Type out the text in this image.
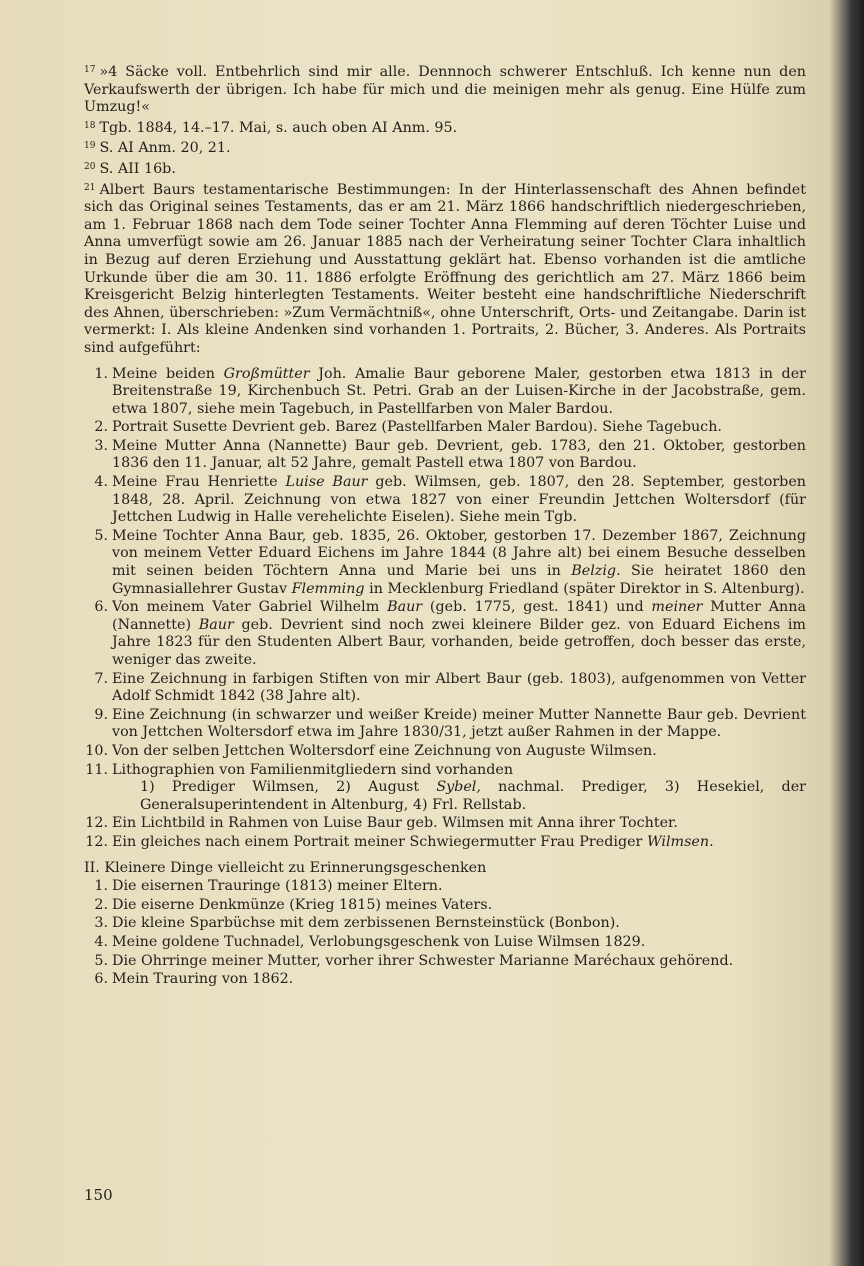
$^{17}$ »4 Säcke voll. Entbehrlich sind mir alle. Dennnoch schwerer Entschluß. Ich kenne nun den Verkaufswerth der übrigen. Ich habe für mich und die meinigen mehr als genug. Eine Hülfe zum Umzug!«

$^{18}$ Tgb. 1884, 14.–17. Mai, s. auch oben AI Anm. 95.

$^{19}$ S. AI Anm. 20, 21.

$^{20}$ S. AII 16b.

$^{21}$ Albert Baurs testamentarische Bestimmungen: In der Hinterlassenschaft des Ahnen befindet sich das Original seines Testaments, das er am 21. März 1866 handschriftlich niedergeschrieben, am 1. Februar 1868 nach dem Tode seiner Tochter Anna Flemming auf deren Töchter Luise und Anna umverfügt sowie am 26. Januar 1885 nach der Verheiratung seiner Tochter Clara inhaltlich in Bezug auf deren Erziehung und Ausstattung geklärt hat. Ebenso vorhanden ist die amtliche Urkunde über die am 30. 11. 1886 erfolgte Eröffnung des gerichtlich am 27. März 1866 beim Kreisgericht Belzig hinterlegten Testaments. Weiter besteht eine handschriftliche Niederschrift des Ahnen, überschrieben: »Zum Vermächtniß«, ohne Unterschrift, Orts- und Zeitangabe. Darin ist vermerkt: I. Als kleine Andenken sind vorhanden 1. Portraits, 2. Bücher, 3. Anderes. Als Portraits sind aufgeführt:

1. Meine beiden Großmütter Joh. Amalie Baur geborene Maler, gestorben etwa 1813 in der Breitenstraße 19, Kirchenbuch St. Petri. Grab an der Luisen-Kirche in der Jacobstraße, gem. etwa 1807, siehe mein Tagebuch, in Pastellfarben von Maler Bardou.
2. Portrait Susette Devrient geb. Barez (Pastellfarben Maler Bardou). Siehe Tagebuch.
3. Meine Mutter Anna (Nannette) Baur geb. Devrient, geb. 1783, den 21. Oktober, gestorben 1836 den 11. Januar, alt 52 Jahre, gemalt Pastell etwa 1807 von Bardou.
4. Meine Frau Henriette Luise Baur geb. Wilmsen, geb. 1807, den 28. September, gestorben 1848, 28. April. Zeichnung von etwa 1827 von einer Freundin Jettchen Woltersdorf (für Jettchen Ludwig in Halle verehelichte Eiselen). Siehe mein Tgb.
5. Meine Tochter Anna Baur, geb. 1835, 26. Oktober, gestorben 17. Dezember 1867, Zeichnung von meinem Vetter Eduard Eichens im Jahre 1844 (8 Jahre alt) bei einem Besuche desselben mit seinen beiden Töchtern Anna und Marie bei uns in Belzig. Sie heiratet 1860 den Gymnasiallehrer Gustav Flemming in Mecklenburg Friedland (später Direktor in S. Altenburg).
6. Von meinem Vater Gabriel Wilhelm Baur (geb. 1775, gest. 1841) und meiner Mutter Anna (Nannette) Baur geb. Devrient sind noch zwei kleinere Bilder gez. von Eduard Eichens im Jahre 1823 für den Studenten Albert Baur, vorhanden, beide getroffen, doch besser das erste, weniger das zweite.
7. Eine Zeichnung in farbigen Stiften von mir Albert Baur (geb. 1803), aufgenommen von Vetter Adolf Schmidt 1842 (38 Jahre alt).
9. Eine Zeichnung (in schwarzer und weißer Kreide) meiner Mutter Nannette Baur geb. Devrient von Jettchen Woltersdorf etwa im Jahre 1830/31, jetzt außer Rahmen in der Mappe.
10. Von der selben Jettchen Woltersdorf eine Zeichnung von Auguste Wilmsen.
11. Lithographien von Familienmitgliedern sind vorhanden
1) Prediger Wilmsen, 2) August Sybel, nachmal. Prediger, 3) Hesekiel, der Generalsuperintendent in Altenburg, 4) Frl. Rellstab.
12. Ein Lichtbild in Rahmen von Luise Baur geb. Wilmsen mit Anna ihrer Tochter.
12. Ein gleiches nach einem Portrait meiner Schwiegermutter Frau Prediger Wilmsen.
II. Kleinere Dinge vielleicht zu Erinnerungsgeschenken
1. Die eisernen Trauringe (1813) meiner Eltern.
2. Die eiserne Denkmünze (Krieg 1815) meines Vaters.
3. Die kleine Sparbüchse mit dem zerbissenen Bernsteinstück (Bonbon).
4. Meine goldene Tuchnadel, Verlobungsgeschenk von Luise Wilmsen 1829.
5. Die Ohrringe meiner Mutter, vorher ihrer Schwester Marianne Maréchaux gehörend.
6. Mein Trauring von 1862.
150
